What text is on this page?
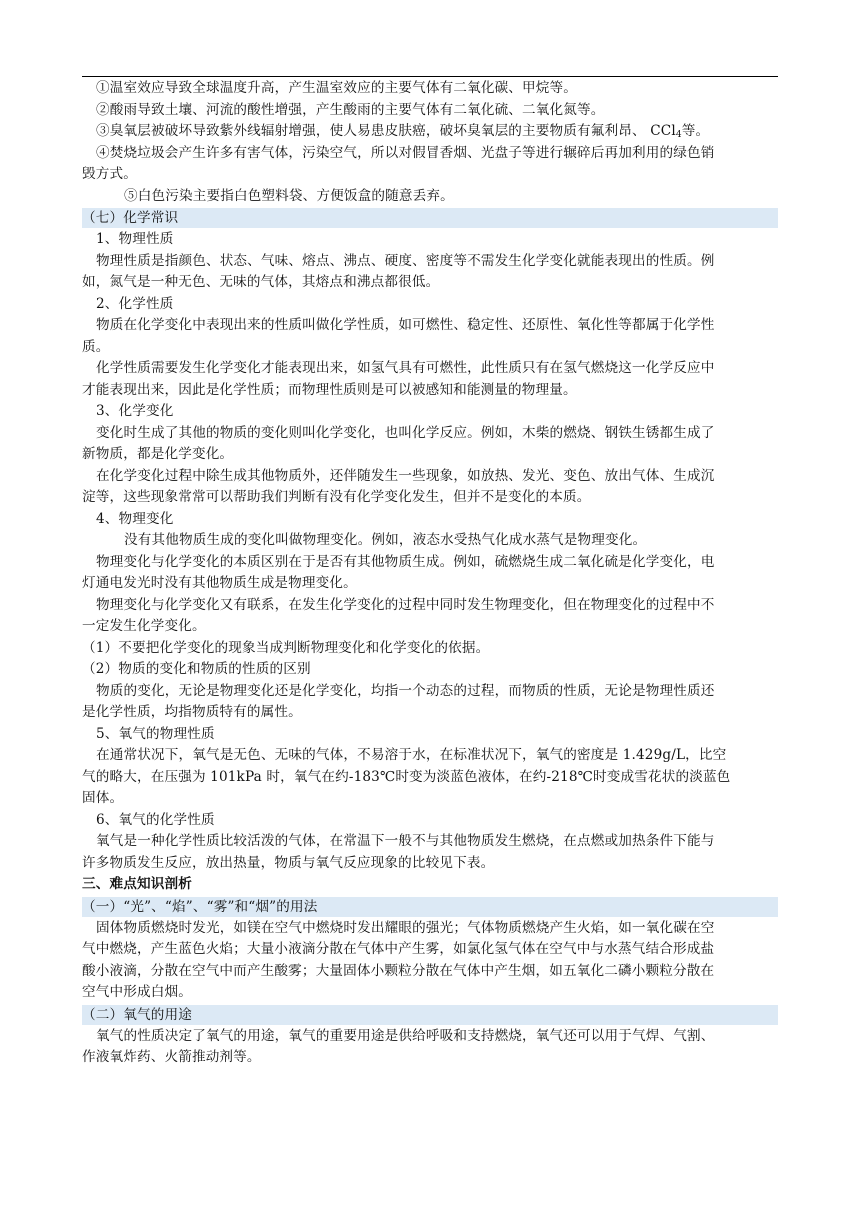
①温室效应导致全球温度升高，产生温室效应的主要气体有二氧化碳、甲烷等。
②酸雨导致土壤、河流的酸性增强，产生酸雨的主要气体有二氧化硫、二氧化氮等。
③臭氧层被破坏导致紫外线辐射增强，使人易患皮肤癌，破坏臭氧层的主要物质有氟利昂、 CCl$_4$等。
④焚烧垃圾会产生许多有害气体，污染空气，所以对假冒香烟、光盘子等进行辗碎后再加利用的绿色销
毁方式。
⑤白色污染主要指白色塑料袋、方便饭盒的随意丢弃。
（七）化学常识
1、物理性质
物理性质是指颜色、状态、气味、熔点、沸点、硬度、密度等不需发生化学变化就能表现出的性质。例
如，氮气是一种无色、无味的气体，其熔点和沸点都很低。
2、化学性质
物质在化学变化中表现出来的性质叫做化学性质，如可燃性、稳定性、还原性、氧化性等都属于化学性
质。
化学性质需要发生化学变化才能表现出来，如氢气具有可燃性，此性质只有在氢气燃烧这一化学反应中
才能表现出来，因此是化学性质；而物理性质则是可以被感知和能测量的物理量。
3、化学变化
变化时生成了其他的物质的变化则叫化学变化，也叫化学反应。例如，木柴的燃烧、钢铁生锈都生成了
新物质，都是化学变化。
在化学变化过程中除生成其他物质外，还伴随发生一些现象，如放热、发光、变色、放出气体、生成沉
淀等，这些现象常常可以帮助我们判断有没有化学变化发生，但并不是变化的本质。
4、物理变化
没有其他物质生成的变化叫做物理变化。例如，液态水受热气化成水蒸气是物理变化。
物理变化与化学变化的本质区别在于是否有其他物质生成。例如，硫燃烧生成二氧化硫是化学变化，电
灯通电发光时没有其他物质生成是物理变化。
物理变化与化学变化又有联系，在发生化学变化的过程中同时发生物理变化，但在物理变化的过程中不
一定发生化学变化。
（1）不要把化学变化的现象当成判断物理变化和化学变化的依据。
（2）物质的变化和物质的性质的区别
物质的变化，无论是物理变化还是化学变化，均指一个动态的过程，而物质的性质，无论是物理性质还
是化学性质，均指物质特有的属性。
5、氧气的物理性质
在通常状况下，氧气是无色、无味的气体，不易溶于水，在标准状况下，氧气的密度是 1.429g/L，比空
气的略大，在压强为 101kPa 时，氧气在约-183℃时变为淡蓝色液体，在约-218℃时变成雪花状的淡蓝色
固体。
6、氧气的化学性质
氧气是一种化学性质比较活泼的气体，在常温下一般不与其他物质发生燃烧，在点燃或加热条件下能与
许多物质发生反应，放出热量，物质与氧气反应现象的比较见下表。
三、难点知识剖析
（一）“光”、“焰”、“雾”和“烟”的用法
固体物质燃烧时发光，如镁在空气中燃烧时发出耀眼的强光；气体物质燃烧产生火焰，如一氧化碳在空
气中燃烧，产生蓝色火焰；大量小液滴分散在气体中产生雾，如氯化氢气体在空气中与水蒸气结合形成盐
酸小液滴，分散在空气中而产生酸雾；大量固体小颗粒分散在气体中产生烟，如五氧化二磷小颗粒分散在
空气中形成白烟。
（二）氧气的用途
氧气的性质决定了氧气的用途，氧气的重要用途是供给呼吸和支持燃烧，氧气还可以用于气焊、气割、
作液氧炸药、火箭推动剂等。
